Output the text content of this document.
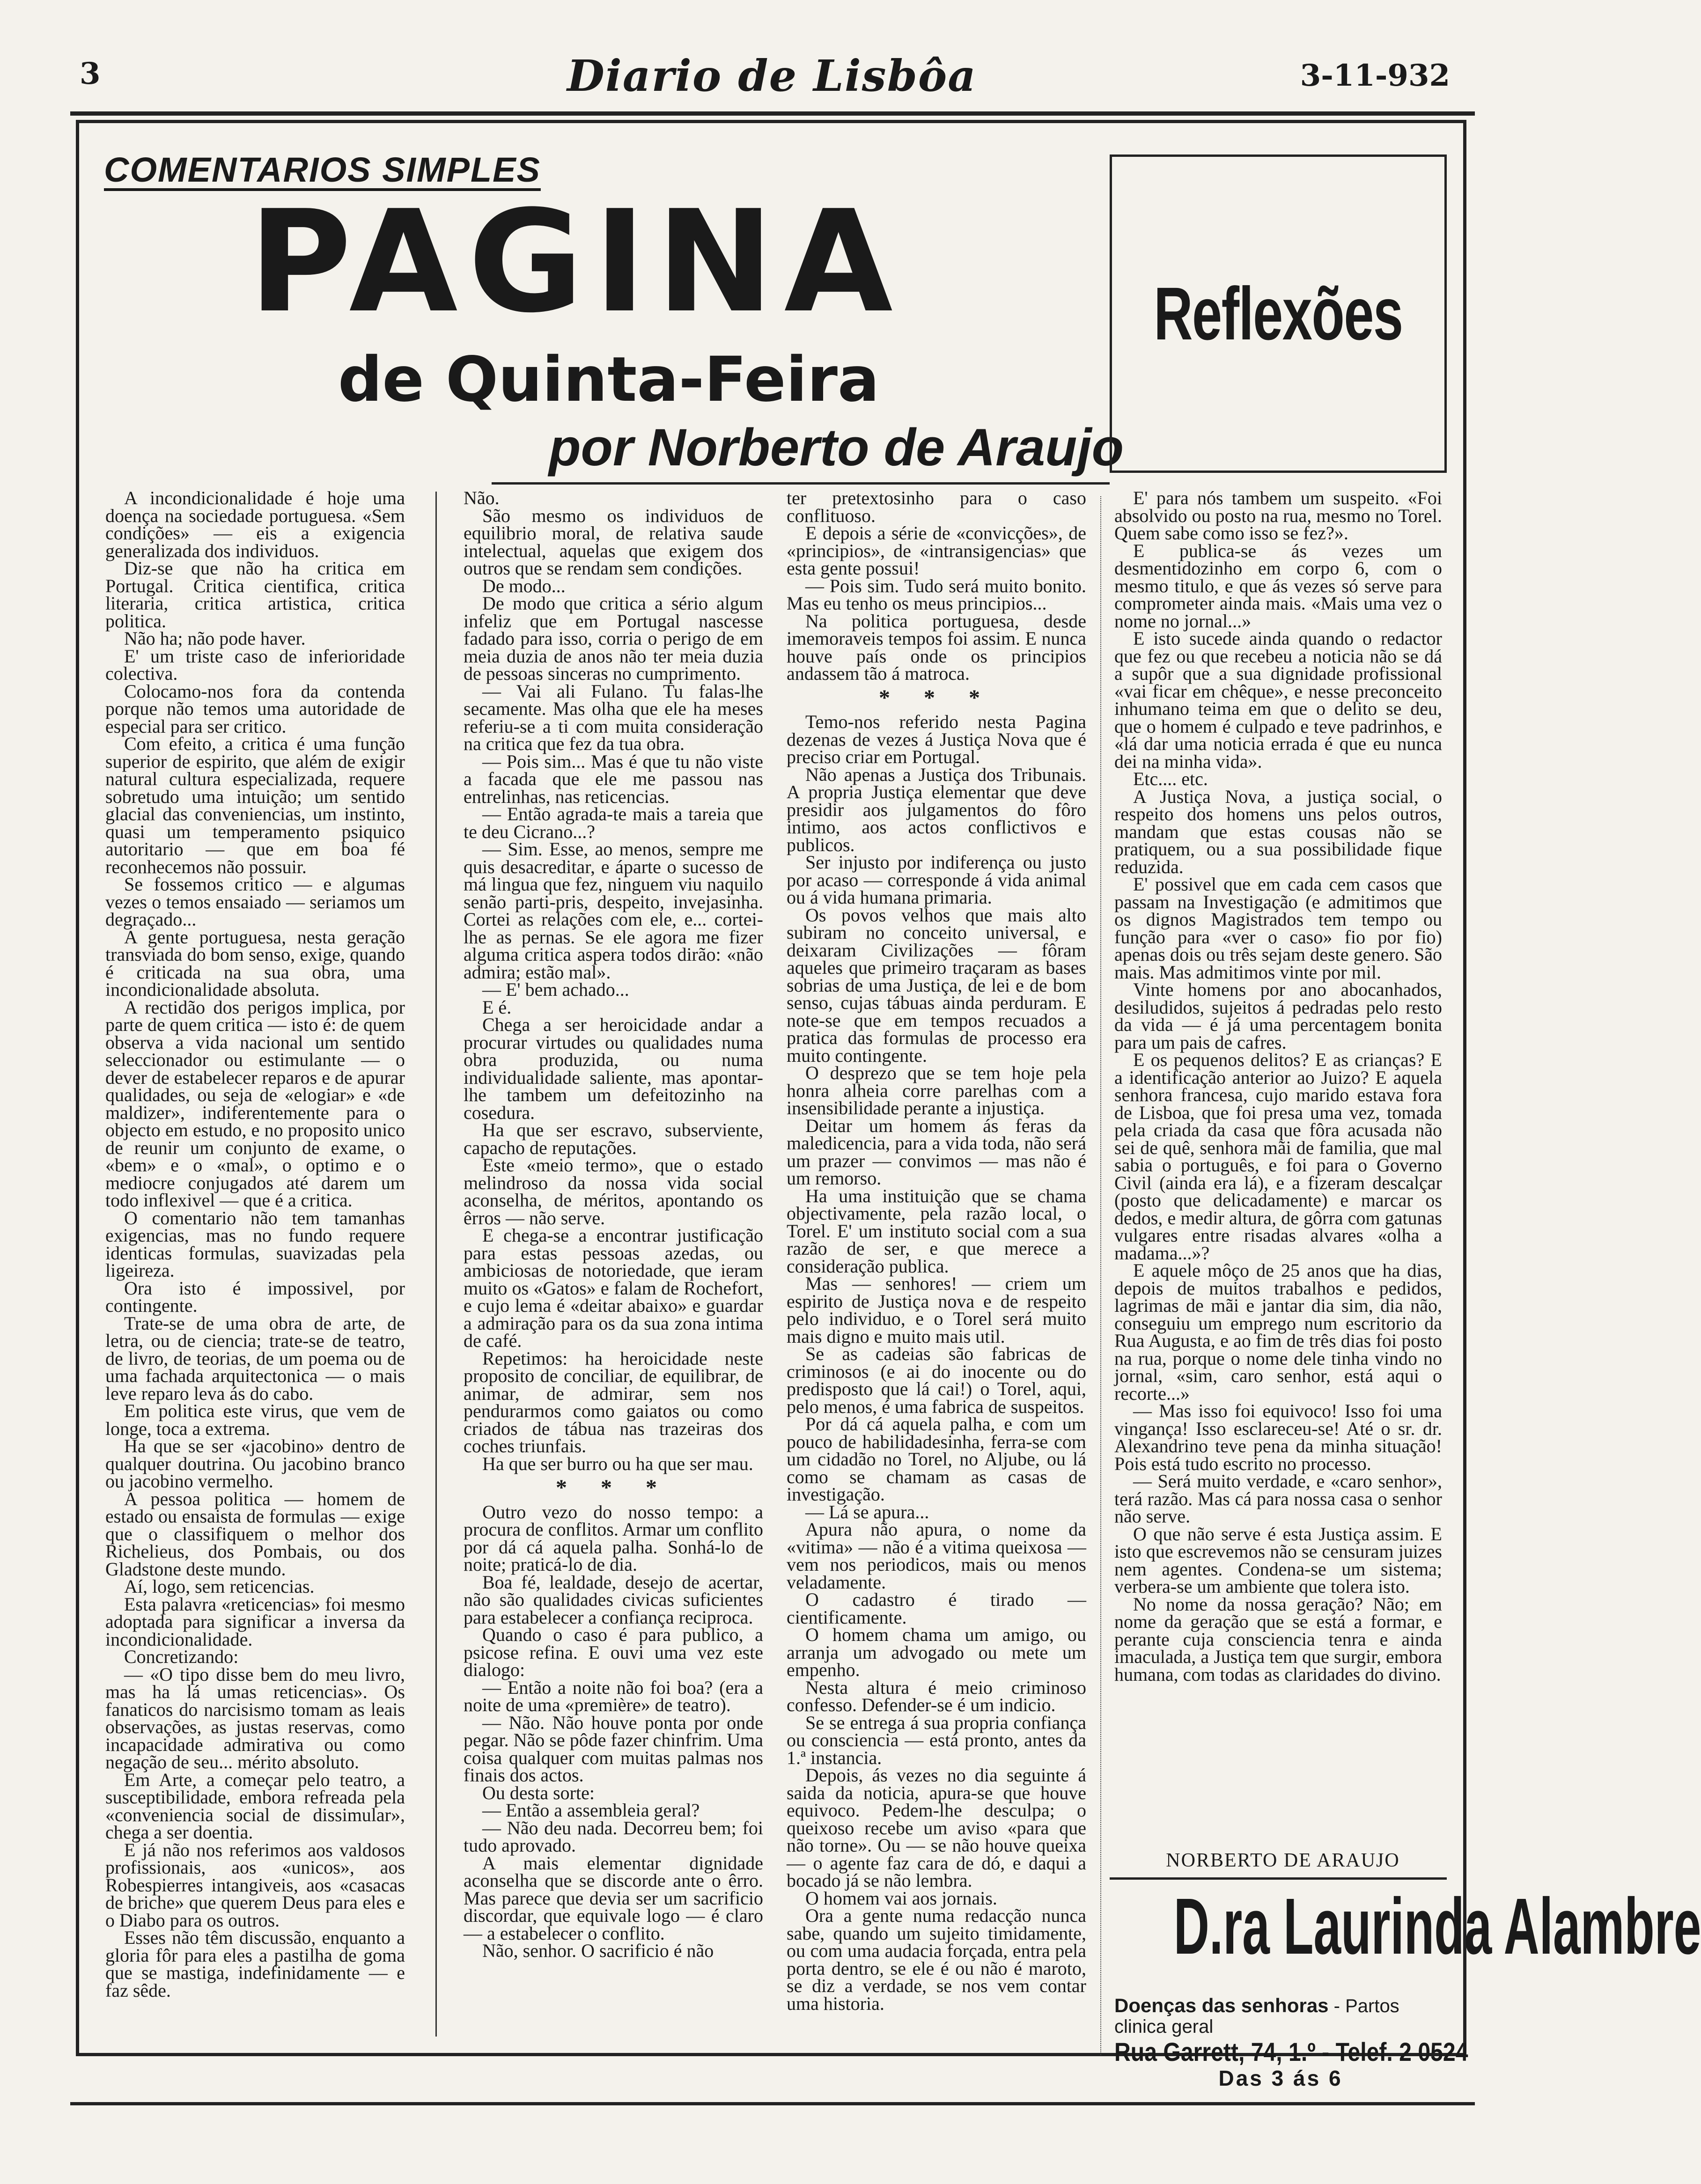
3	Diario de Lisbôa	3-11-932
COMENTARIOS SIMPLES
PAGINA
de Quinta-Feira
por Norberto de Araujo
Reflexões

A incondicionalidade é hoje uma doença na sociedade portuguesa. «Sem condições» — eis a exigencia generalizada dos individuos.

Diz-se que não ha critica em Portugal. Critica cientifica, critica literaria, critica artistica, critica politica.

Não ha; não pode haver.

E' um triste caso de inferioridade colectiva.

Colocamo-nos fora da contenda porque não temos uma autoridade de especial para ser critico.

Com efeito, a critica é uma função superior de espirito, que além de exigir natural cultura especializada, requere sobretudo uma intuição; um sentido glacial das conveniencias, um instinto, quasi um temperamento psiquico autoritario — que em boa fé reconhecemos não possuir.

Se fossemos critico — e algumas vezes o temos ensaiado — seriamos um degraçado...

A gente portuguesa, nesta geração transviada do bom senso, exige, quando é criticada na sua obra, uma incondicionalidade absoluta.

A rectidão dos perigos implica, por parte de quem critica — isto é: de quem observa a vida nacional um sentido seleccionador ou estimulante — o dever de estabelecer reparos e de apurar qualidades, ou seja de «elogiar» e «de maldizer», indiferentemente para o objecto em estudo, e no proposito unico de reunir um conjunto de exame, o «bem» e o «mal», o optimo e o mediocre conjugados até darem um todo inflexivel — que é a critica.

O comentario não tem tamanhas exigencias, mas no fundo requere identicas formulas, suavizadas pela ligeireza.

Ora isto é impossivel, por contingente.

Trate-se de uma obra de arte, de letra, ou de ciencia; trate-se de teatro, de livro, de teorias, de um poema ou de uma fachada arquitectonica — o mais leve reparo leva ás do cabo.

Em politica este virus, que vem de longe, toca a extrema.

Ha que se ser «jacobino» dentro de qualquer doutrina. Ou jacobino branco ou jacobino vermelho.

A pessoa politica — homem de estado ou ensaista de formulas — exige que o classifiquem o melhor dos Richelieus, dos Pombais, ou dos Gladstone deste mundo.

Aí, logo, sem reticencias.

Esta palavra «reticencias» foi mesmo adoptada para significar a inversa da incondicionalidade.

Concretizando:

— «O tipo disse bem do meu livro, mas ha lá umas reticencias». Os fanaticos do narcisismo tomam as leais observações, as justas reservas, como incapacidade admirativa ou como negação de seu... mérito absoluto.

Em Arte, a começar pelo teatro, a susceptibilidade, embora refreada pela «conveniencia social de dissimular», chega a ser doentia.

E já não nos referimos aos valdosos profissionais, aos «unicos», aos Robespierres intangiveis, aos «casacas de briche» que querem Deus para eles e o Diabo para os outros.

Esses não têm discussão, enquanto a gloria fôr para eles a pastilha de goma que se mastiga, indefinidamente — e faz sêde.

Não.

São mesmo os individuos de equilibrio moral, de relativa saude intelectual, aquelas que exigem dos outros que se rendam sem condições.

De modo...

De modo que critica a sério algum infeliz que em Portugal nascesse fadado para isso, corria o perigo de em meia duzia de anos não ter meia duzia de pessoas sinceras no cumprimento.

— Vai ali Fulano. Tu falas-lhe secamente. Mas olha que ele ha meses referiu-se a ti com muita consideração na critica que fez da tua obra.

— Pois sim... Mas é que tu não viste a facada que ele me passou nas entrelinhas, nas reticencias.

— Então agrada-te mais a tareia que te deu Cicrano...?

— Sim. Esse, ao menos, sempre me quis desacreditar, e áparte o sucesso de má lingua que fez, ninguem viu naquilo senão parti-pris, despeito, invejasinha. Cortei as relações com ele, e... cortei-lhe as pernas. Se ele agora me fizer alguma critica aspera todos dirão: «não admira; estão mal».

— E' bem achado...

E é.

Chega a ser heroicidade andar a procurar virtudes ou qualidades numa obra produzida, ou numa individualidade saliente, mas apontar-lhe tambem um defeitozinho na cosedura.

Ha que ser escravo, subserviente, capacho de reputações.

Este «meio termo», que o estado melindroso da nossa vida social aconselha, de méritos, apontando os êrros — não serve.

E chega-se a encontrar justificação para estas pessoas azedas, ou ambiciosas de notoriedade, que ieram muito os «Gatos» e falam de Rochefort, e cujo lema é «deitar abaixo» e guardar a admiração para os da sua zona intima de café.

Repetimos: ha heroicidade neste proposito de conciliar, de equilibrar, de animar, de admirar, sem nos pendurarmos como gaiatos ou como criados de tábua nas trazeiras dos coches triunfais.

Ha que ser burro ou ha que ser mau.

* * *

Outro vezo do nosso tempo: a procura de conflitos. Armar um conflito por dá cá aquela palha. Sonhá-lo de noite; praticá-lo de dia.

Boa fé, lealdade, desejo de acertar, não são qualidades civicas suficientes para estabelecer a confiança reciproca.

Quando o caso é para publico, a psicose refina. E ouvi uma vez este dialogo:

— Então a noite não foi boa? (era a noite de uma «première» de teatro).

— Não. Não houve ponta por onde pegar. Não se pôde fazer chinfrim. Uma coisa qualquer com muitas palmas nos finais dos actos.

Ou desta sorte:

— Então a assembleia geral?

— Não deu nada. Decorreu bem; foi tudo aprovado.

A mais elementar dignidade aconselha que se discorde ante o êrro. Mas parece que devia ser um sacrificio discordar, que equivale logo — é claro — a estabelecer o conflito.

Não, senhor. O sacrificio é não

ter pretextosinho para o caso conflituoso.

E depois a série de «convicções», de «principios», de «intransigencias» que esta gente possui!

— Pois sim. Tudo será muito bonito. Mas eu tenho os meus principios...

Na politica portuguesa, desde imemoraveis tempos foi assim. E nunca houve país onde os principios andassem tão á matroca.

* * *

Temo-nos referido nesta Pagina dezenas de vezes á Justiça Nova que é preciso criar em Portugal.

Não apenas a Justiça dos Tribunais. A propria Justiça elementar que deve presidir aos julgamentos do fôro intimo, aos actos conflictivos e publicos.

Ser injusto por indiferença ou justo por acaso — corresponde á vida animal ou á vida humana primaria.

Os povos velhos que mais alto subiram no conceito universal, e deixaram Civilizações — fôram aqueles que primeiro traçaram as bases sobrias de uma Justiça, de lei e de bom senso, cujas tábuas ainda perduram. E note-se que em tempos recuados a pratica das formulas de processo era muito contingente.

O desprezo que se tem hoje pela honra alheia corre parelhas com a insensibilidade perante a injustiça.

Deitar um homem ás feras da maledicencia, para a vida toda, não será um prazer — convimos — mas não é um remorso.

Ha uma instituição que se chama objectivamente, pela razão local, o Torel. E' um instituto social com a sua razão de ser, e que merece a consideração publica.

Mas — senhores! — criem um espirito de Justiça nova e de respeito pelo individuo, e o Torel será muito mais digno e muito mais util.

Se as cadeias são fabricas de criminosos (e ai do inocente ou do predisposto que lá cai!) o Torel, aqui, pelo menos, é uma fabrica de suspeitos.

Por dá cá aquela palha, e com um pouco de habilidadesinha, ferra-se com um cidadão no Torel, no Aljube, ou lá como se chamam as casas de investigação.

— Lá se apura...

Apura não apura, o nome da «vitima» — não é a vitima queixosa — vem nos periodicos, mais ou menos veladamente.

O cadastro é tirado — cientificamente.

O homem chama um amigo, ou arranja um advogado ou mete um empenho.

Nesta altura é meio criminoso confesso. Defender-se é um indicio.

Se se entrega á sua propria confiança ou consciencia — está pronto, antes da 1.ª instancia.

Depois, ás vezes no dia seguinte á saida da noticia, apura-se que houve equivoco. Pedem-lhe desculpa; o queixoso recebe um aviso «para que não torne». Ou — se não houve queixa — o agente faz cara de dó, e daqui a bocado já se não lembra.

O homem vai aos jornais.

Ora a gente numa redacção nunca sabe, quando um sujeito timidamente, ou com uma audacia forçada, entra pela porta dentro, se ele é ou não é maroto, se diz a verdade, se nos vem contar uma historia.

E' para nós tambem um suspeito. «Foi absolvido ou posto na rua, mesmo no Torel. Quem sabe como isso se fez?».

E publica-se ás vezes um desmentidozinho em corpo 6, com o mesmo titulo, e que ás vezes só serve para comprometer ainda mais. «Mais uma vez o nome no jornal...»

E isto sucede ainda quando o redactor que fez ou que recebeu a noticia não se dá a supôr que a sua dignidade profissional «vai ficar em chêque», e nesse preconceito inhumano teima em que o delito se deu, que o homem é culpado e teve padrinhos, e «lá dar uma noticia errada é que eu nunca dei na minha vida».

Etc.... etc.

A Justiça Nova, a justiça social, o respeito dos homens uns pelos outros, mandam que estas cousas não se pratiquem, ou a sua possibilidade fique reduzida.

E' possivel que em cada cem casos que passam na Investigação (e admitimos que os dignos Magistrados tem tempo ou função para «ver o caso» fio por fio) apenas dois ou três sejam deste genero. São mais. Mas admitimos vinte por mil.

Vinte homens por ano abocanhados, desiludidos, sujeitos á pedradas pelo resto da vida — é já uma percentagem bonita para um pais de cafres.

E os pequenos delitos? E as crianças? E a identificação anterior ao Juizo? E aquela senhora francesa, cujo marido estava fora de Lisboa, que foi presa uma vez, tomada pela criada da casa que fôra acusada não sei de quê, senhora mãi de familia, que mal sabia o português, e foi para o Governo Civil (ainda era lá), e a fizeram descalçar (posto que delicadamente) e marcar os dedos, e medir altura, de gôrra com gatunas vulgares entre risadas alvares «olha a madama...»?

E aquele môço de 25 anos que ha dias, depois de muitos trabalhos e pedidos, lagrimas de mãi e jantar dia sim, dia não, conseguiu um emprego num escritorio da Rua Augusta, e ao fim de três dias foi posto na rua, porque o nome dele tinha vindo no jornal, «sim, caro senhor, está aqui o recorte...»

— Mas isso foi equivoco! Isso foi uma vingança! Isso esclareceu-se! Até o sr. dr. Alexandrino teve pena da minha situação! Pois está tudo escrito no processo.

— Será muito verdade, e «caro senhor», terá razão. Mas cá para nossa casa o senhor não serve.

O que não serve é esta Justiça assim. E isto que escrevemos não se censuram juizes nem agentes. Condena-se um sistema; verbera-se um ambiente que tolera isto.

No nome da nossa geração? Não; em nome da geração que se está a formar, e perante cuja consciencia tenra e ainda imaculada, a Justiça tem que surgir, embora humana, com todas as claridades do divino.

NORBERTO DE ARAUJO
D.ra Laurinda Alambre
Doenças das senhoras - Partos clinica geral
Rua Garrett, 74, 1.º - Telef. 2 0524
Das 3 ás 6
